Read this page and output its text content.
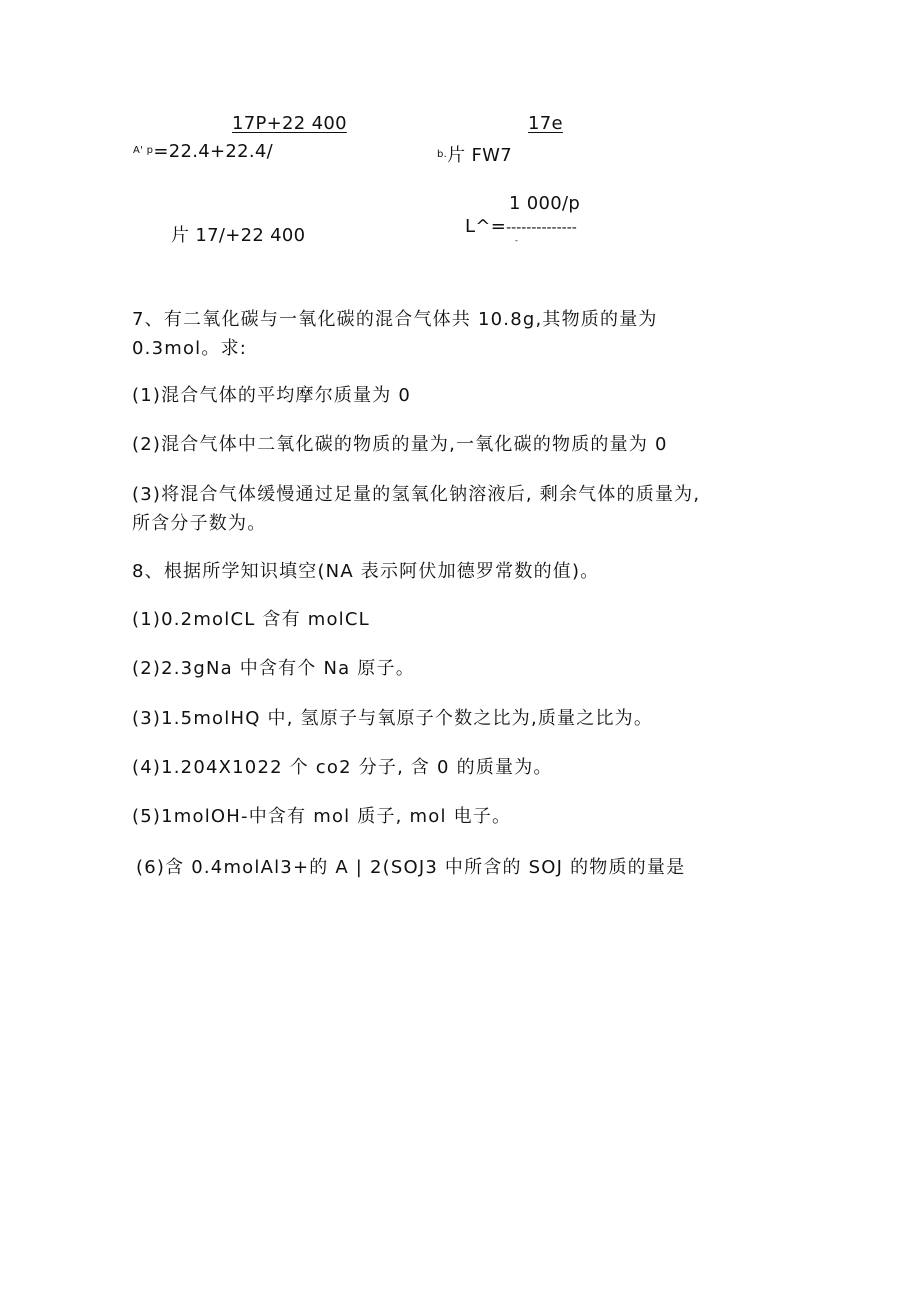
17P+22 400
$^{A' p}$=22.4+22.4/
17e
$^{b.}$片 FW7
片 17/+22 400
1 000/p
L^=--------------
-
7、有二氧化碳与一氧化碳的混合气体共 10.8g,其物质的量为
0.3mol。求:
(1)混合气体的平均摩尔质量为 0
(2)混合气体中二氧化碳的物质的量为,一氧化碳的物质的量为 0
(3)将混合气体缓慢通过足量的氢氧化钠溶液后, 剩余气体的质量为,
所含分子数为。
8、根据所学知识填空(NA 表示阿伏加德罗常数的值)。
(1)0.2molCL 含有 molCL
(2)2.3gNa 中含有个 Na 原子。
(3)1.5molHQ 中, 氢原子与氧原子个数之比为,质量之比为。
(4)1.204X1022 个 co2 分子, 含 0 的质量为。
(5)1molOH-中含有 mol 质子, mol 电子。
(6)含 0.4molAl3+的 A | 2(SOJ3 中所含的 SOJ 的物质的量是
